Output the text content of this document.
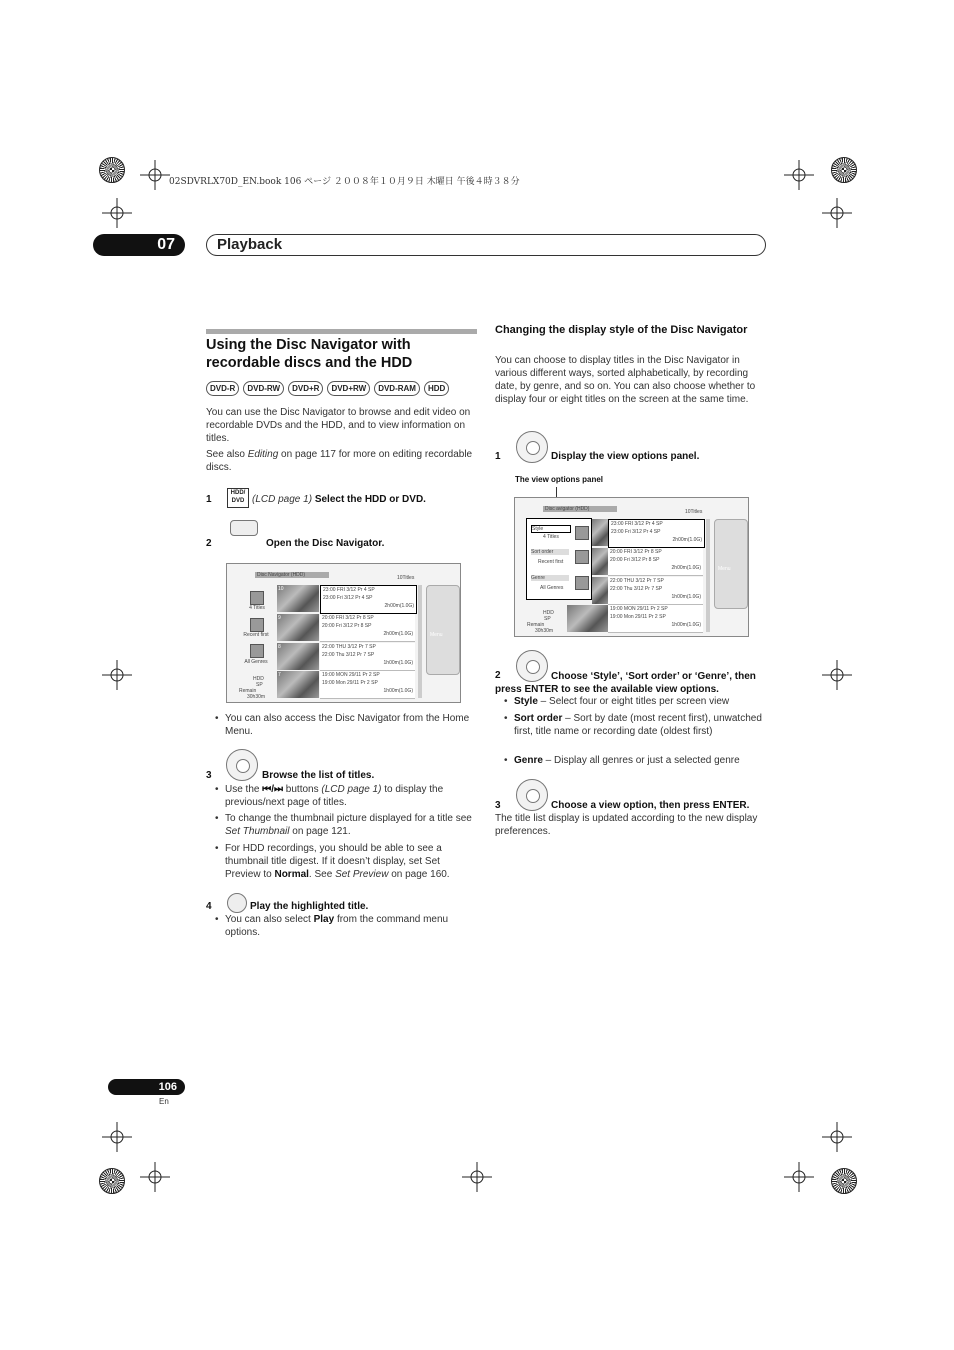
02SDVRLX70D_EN.book 106 ページ ２００８年１０月９日 木曜日 午後４時３８分
07	Playback
Using the Disc Navigator with recordable discs and the HDD
DVD-R	DVD-RW	DVD+R	DVD+RW	DVD-RAM	HDD

You can use the Disc Navigator to browse and edit video on recordable DVDs and the HDD, and to view information on titles.

See also Editing on page 117 for more on editing recordable discs.

1
HDD/ DVD (LCD page 1) Select the HDD or DVD.
2	Open the Disc Navigator.
Disc Navigator (HDD)	10Titles
4 Titles
Recent first
All Genres
HDD
SP
Remain
30h30m
23:00 FRI 3/12 Pr 4 SP
23:00 Fri 3/12 Pr 4 SP
2h00m(1.0G)
10
20:00 FRI 3/12 Pr 8 SP
20:00 Fri 3/12 Pr 8 SP
2h00m(1.0G)
9
22:00 THU 3/12 Pr 7 SP
22:00 Thu 3/12 Pr 7 SP
1h00m(1.0G)
8
19:00 MON 29/11 Pr 2 SP
19:00 Mon 29/11 Pr 2 SP
1h00m(1.0G)
7
Menu
• You can also access the Disc Navigator from the Home Menu.
3	Browse the list of titles.
• Use the ⏮/⏭ buttons (LCD page 1) to display the previous/next page of titles.
• To change the thumbnail picture displayed for a title see Set Thumbnail on page 121.
• For HDD recordings, you should be able to see a thumbnail title digest. If it doesn’t display, set Set Preview to Normal. See Set Preview on page 160.
4	Play the highlighted title.
• You can also select Play from the command menu options.
Changing the display style of the Disc Navigator

You can choose to display titles in the Disc Navigator in various different ways, sorted alphabetically, by recording date, by genre, and so on. You can also choose whether to display four or eight titles on the screen at the same time.

1	Display the view options panel.
The view options panel
Disc avigator (HDD)	10Titles
Style
4 Titles
Sort order
Recent first
Genre
All Genres
HDD
SP
Remain
30h30m
23:00 FRI 3/12 Pr 4 SP
23:00 Fri 3/12 Pr 4 SP
2h00m(1.0G)
20:00 FRI 3/12 Pr 8 SP
20:00 Fri 3/12 Pr 8 SP
2h00m(1.0G)
22:00 THU 3/12 Pr 7 SP
22:00 Thu 3/12 Pr 7 SP
1h00m(1.0G)
19:00 MON 29/11 Pr 2 SP
19:00 Mon 29/11 Pr 2 SP
1h00m(1.0G)
Menu
2	Choose ‘Style’, ‘Sort order’ or ‘Genre’, then press ENTER to see the available view options.
• Style – Select four or eight titles per screen view
• Sort order – Sort by date (most recent first), unwatched first, title name or recording date (oldest first)
• Genre – Display all genres or just a selected genre
3	Choose a view option, then press ENTER.

The title list display is updated according to the new display preferences.

106
En
